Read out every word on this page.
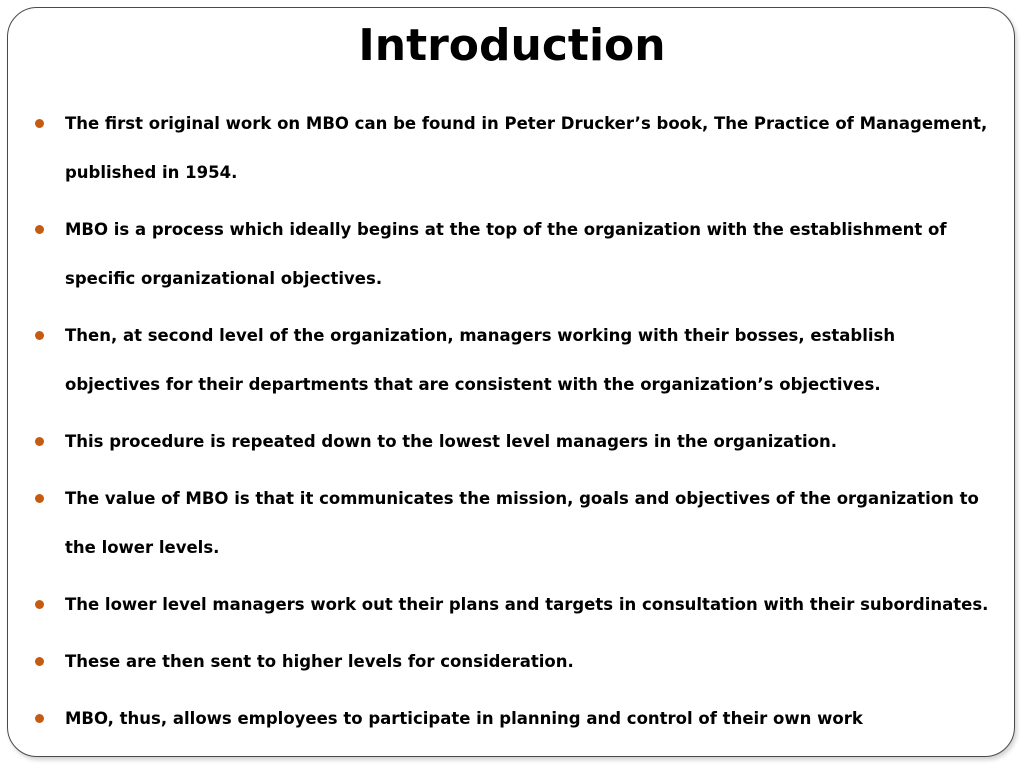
Introduction
The first original work on MBO can be found in Peter Drucker’s book, The Practice of Management, published in 1954.
MBO is a process which ideally begins at the top of the organization with the establishment of specific organizational objectives.
Then, at second level of the organization, managers working with their bosses, establish objectives for their departments that are consistent with the organization’s objectives.
This procedure is repeated down to the lowest level managers in the organization.
The value of MBO is that it communicates the mission, goals and objectives of the organization to the lower levels.
The lower level managers work out their plans and targets in consultation with their subordinates.
These are then sent to higher levels for consideration.
MBO, thus, allows employees to participate in planning and control of their own work
